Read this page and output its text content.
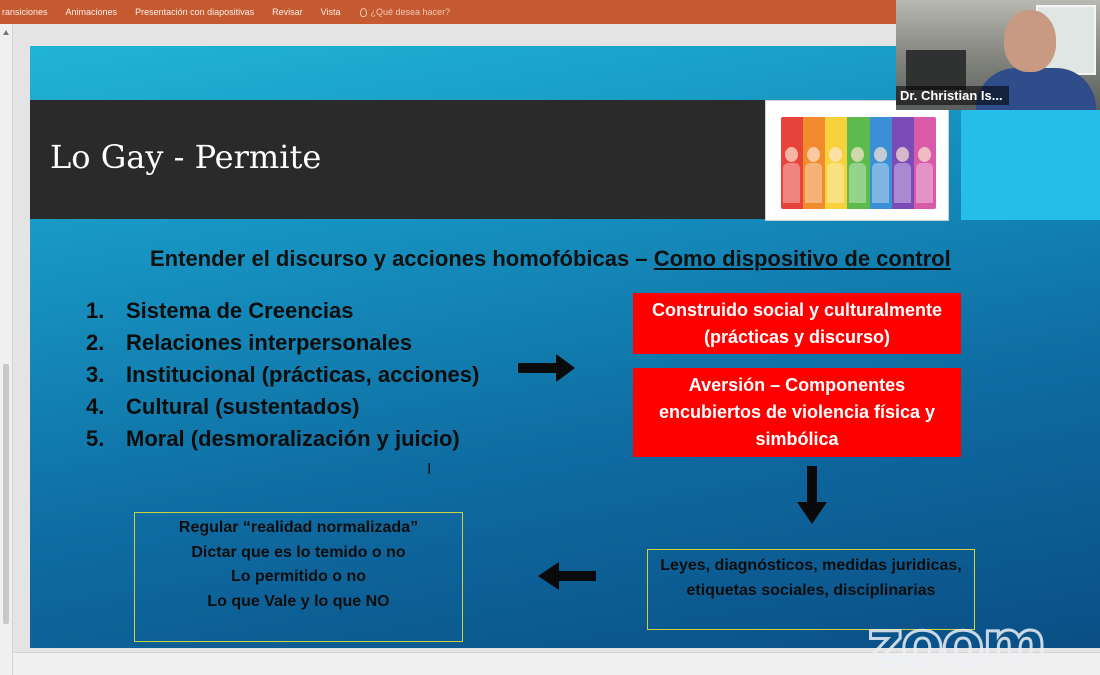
ransiciones	Animaciones	Presentación con diapositivas	Revisar	Vista	¿Qué desea hacer?
Lo Gay - Permite
Entender el discurso y acciones homofóbicas – Como dispositivo de control
1. Sistema de Creencias
2. Relaciones interpersonales
3. Institucional (prácticas, acciones)
4. Cultural (sustentados)
5. Moral (desmoralización y juicio)
Construido social y culturalmente
(prácticas y discurso)
Aversión – Componentes
encubiertos de violencia física y
simbólica
Leyes, diagnósticos, medidas juridicas,
etiquetas sociales, disciplinarias
Regular “realidad normalizada”
Dictar que es lo temido o no
Lo permitido o no
Lo que Vale y lo que NO
I
Dr. Christian Is...
zoom
